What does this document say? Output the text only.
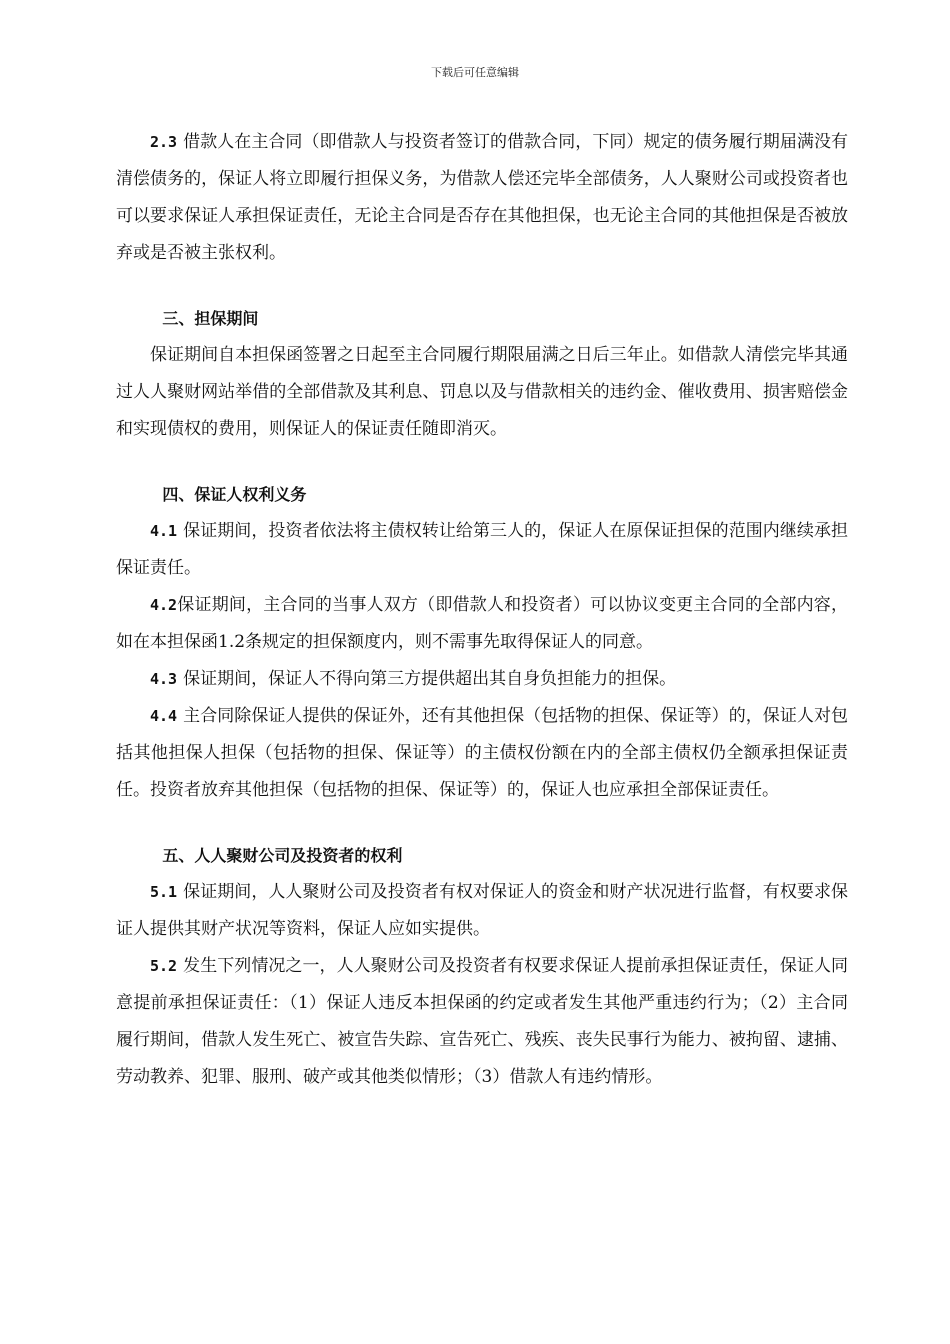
下载后可任意编辑

2.3 借款人在主合同（即借款人与投资者签订的借款合同，下同）规定的债务履行期届满没有清偿债务的，保证人将立即履行担保义务，为借款人偿还完毕全部债务，人人聚财公司或投资者也可以要求保证人承担保证责任，无论主合同是否存在其他担保，也无论主合同的其他担保是否被放弃或是否被主张权利。

三、担保期间

保证期间自本担保函签署之日起至主合同履行期限届满之日后三年止。如借款人清偿完毕其通过人人聚财网站举借的全部借款及其利息、罚息以及与借款相关的违约金、催收费用、损害赔偿金和实现债权的费用，则保证人的保证责任随即消灭。

四、保证人权利义务

4.1 保证期间，投资者依法将主债权转让给第三人的，保证人在原保证担保的范围内继续承担保证责任。

4.2保证期间，主合同的当事人双方（即借款人和投资者）可以协议变更主合同的全部内容，如在本担保函1.2条规定的担保额度内，则不需事先取得保证人的同意。

4.3 保证期间，保证人不得向第三方提供超出其自身负担能力的担保。

4.4 主合同除保证人提供的保证外，还有其他担保（包括物的担保、保证等）的，保证人对包括其他担保人担保（包括物的担保、保证等）的主债权份额在内的全部主债权仍全额承担保证责任。投资者放弃其他担保（包括物的担保、保证等）的，保证人也应承担全部保证责任。

五、人人聚财公司及投资者的权利

5.1 保证期间，人人聚财公司及投资者有权对保证人的资金和财产状况进行监督，有权要求保证人提供其财产状况等资料，保证人应如实提供。

5.2 发生下列情况之一，人人聚财公司及投资者有权要求保证人提前承担保证责任，保证人同意提前承担保证责任：（1）保证人违反本担保函的约定或者发生其他严重违约行为；（2）主合同履行期间，借款人发生死亡、被宣告失踪、宣告死亡、残疾、丧失民事行为能力、被拘留、逮捕、劳动教养、犯罪、服刑、破产或其他类似情形；（3）借款人有违约情形。
